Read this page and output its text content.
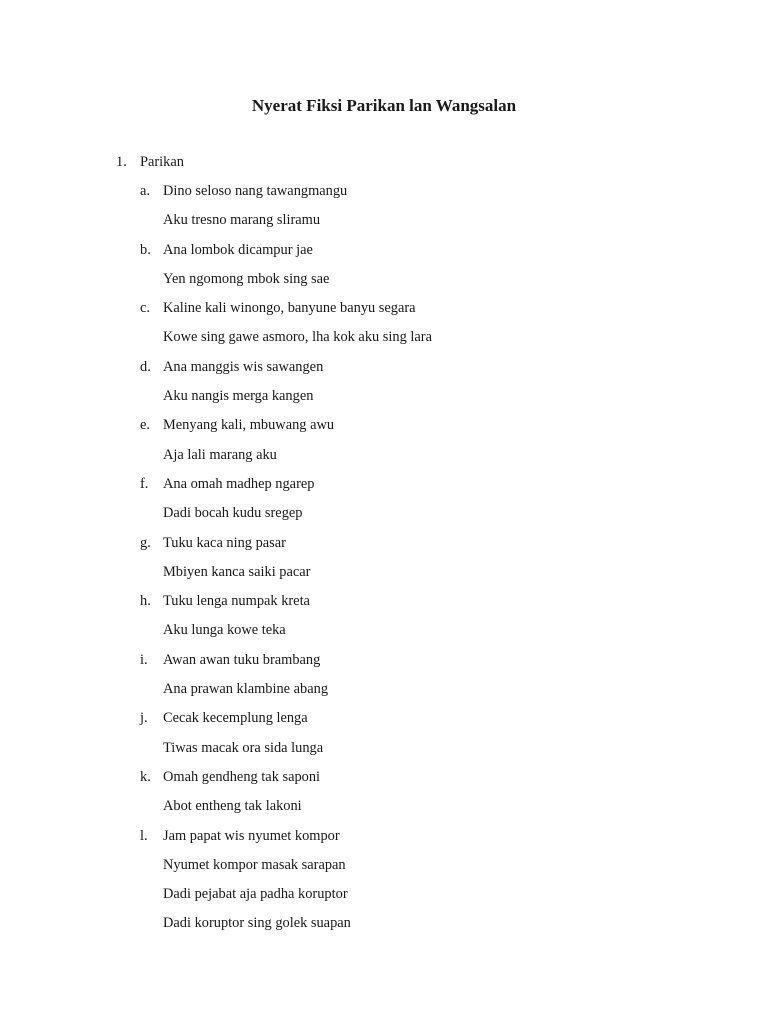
Nyerat Fiksi Parikan lan Wangsalan
1. Parikan
a. Dino seloso nang tawangmangu
Aku tresno marang sliramu
b. Ana lombok dicampur jae
Yen ngomong mbok sing sae
c. Kaline kali winongo, banyune banyu segara
Kowe sing gawe asmoro, lha kok aku sing lara
d. Ana manggis wis sawangen
Aku nangis merga kangen
e. Menyang kali, mbuwang awu
Aja lali marang aku
f. Ana omah madhep ngarep
Dadi bocah kudu sregep
g. Tuku kaca ning pasar
Mbiyen kanca saiki pacar
h. Tuku lenga numpak kreta
Aku lunga kowe teka
i. Awan awan tuku brambang
Ana prawan klambine abang
j. Cecak kecemplung lenga
Tiwas macak ora sida lunga
k. Omah gendheng tak saponi
Abot entheng tak lakoni
l. Jam papat wis nyumet kompor
Nyumet kompor masak sarapan
Dadi pejabat aja padha koruptor
Dadi koruptor sing golek suapan
